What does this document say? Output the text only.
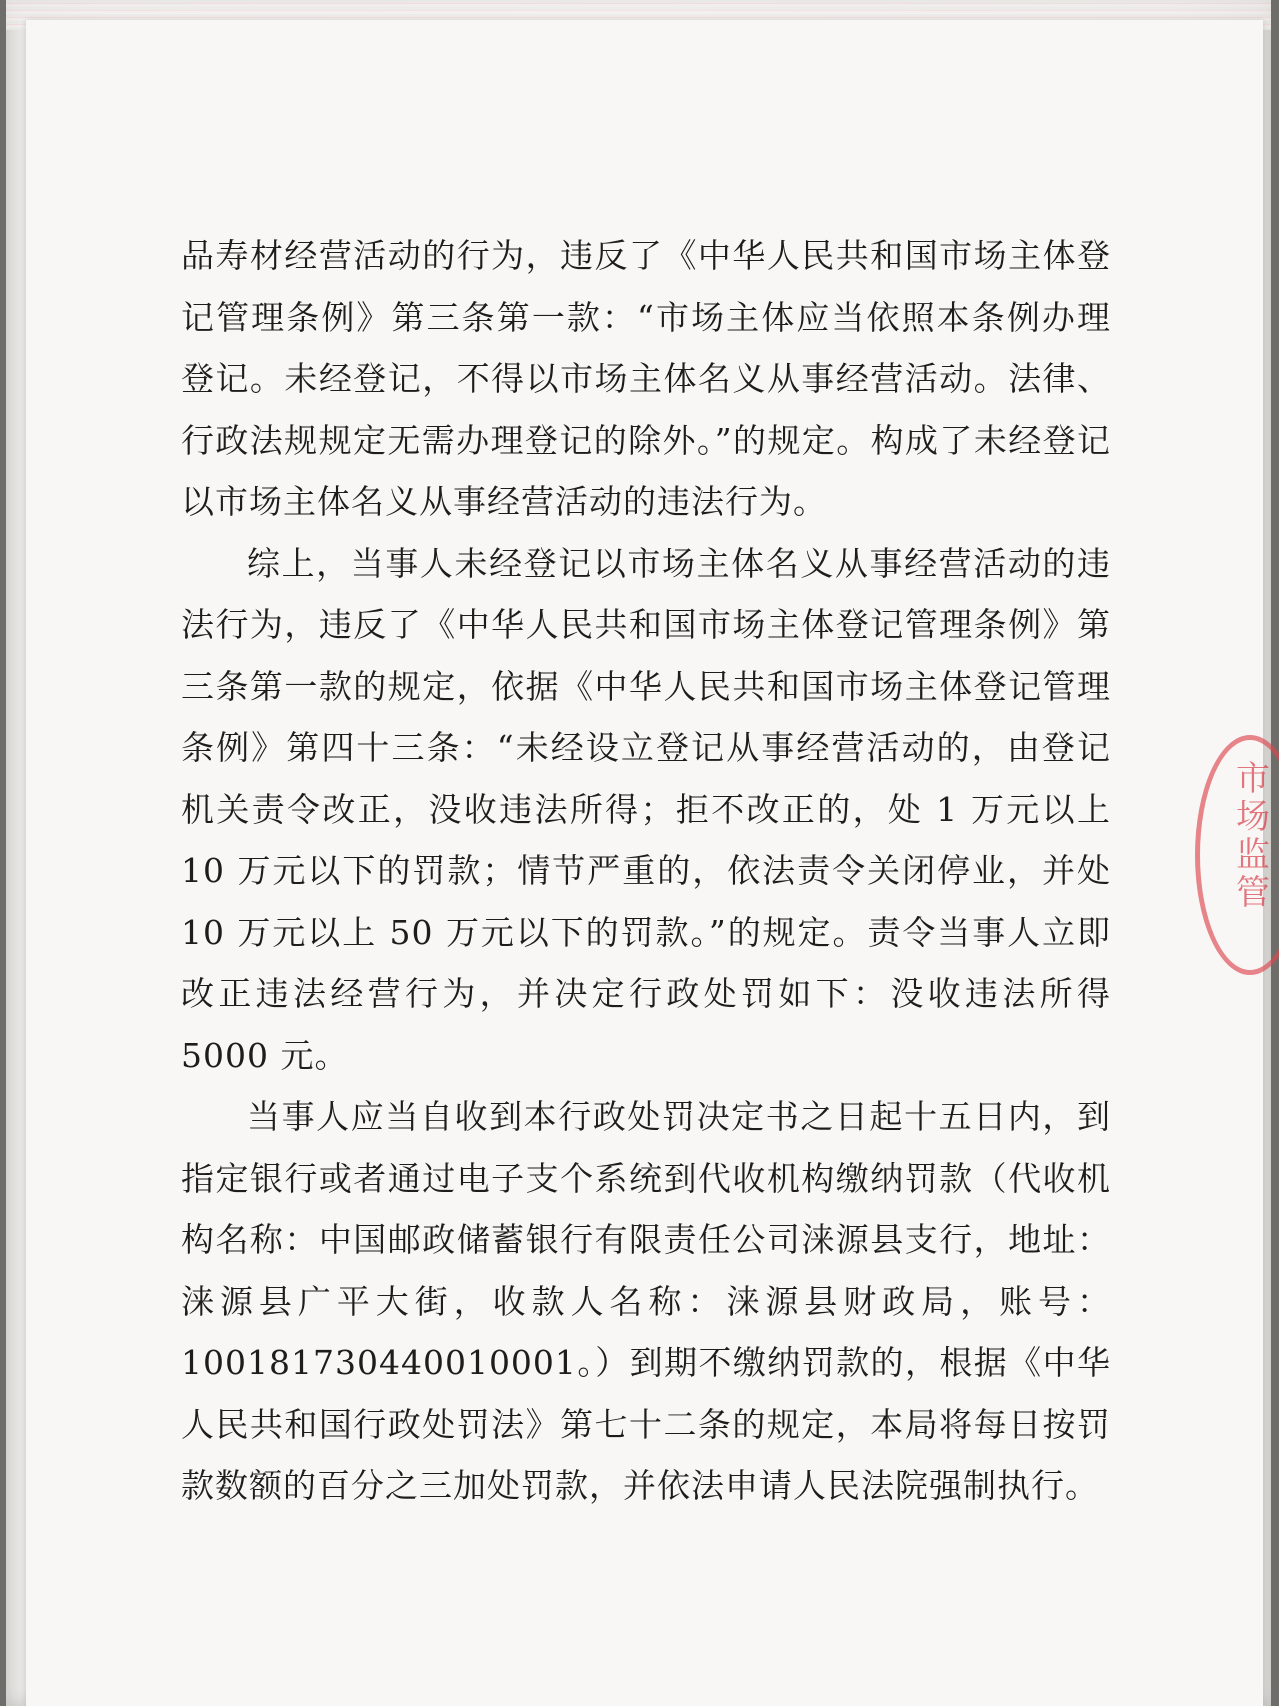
品寿材经营活动的行为，违反了《中华人民共和国市场主体登记管理条例》第三条第一款：“市场主体应当依照本条例办理登记。未经登记，不得以市场主体名义从事经营活动。法律、行政法规规定无需办理登记的除外。”的规定。构成了未经登记以市场主体名义从事经营活动的违法行为。

综上，当事人未经登记以市场主体名义从事经营活动的违法行为，违反了《中华人民共和国市场主体登记管理条例》第三条第一款的规定，依据《中华人民共和国市场主体登记管理条例》第四十三条：“未经设立登记从事经营活动的，由登记机关责令改正，没收违法所得；拒不改正的，处 1 万元以上 10 万元以下的罚款；情节严重的，依法责令关闭停业，并处 10 万元以上 50 万元以下的罚款。”的规定。责令当事人立即改正违法经营行为，并决定行政处罚如下：没收违法所得 5000 元。

当事人应当自收到本行政处罚决定书之日起十五日内，到指定银行或者通过电子支个系统到代收机构缴纳罚款（代收机构名称：中国邮政储蓄银行有限责任公司涞源县支行，地址：涞源县广平大街，收款人名称：涞源县财政局，账号：100181730440010001。）到期不缴纳罚款的，根据《中华人民共和国行政处罚法》第七十二条的规定，本局将每日按罚款数额的百分之三加处罚款，并依法申请人民法院强制执行。

市场监管
